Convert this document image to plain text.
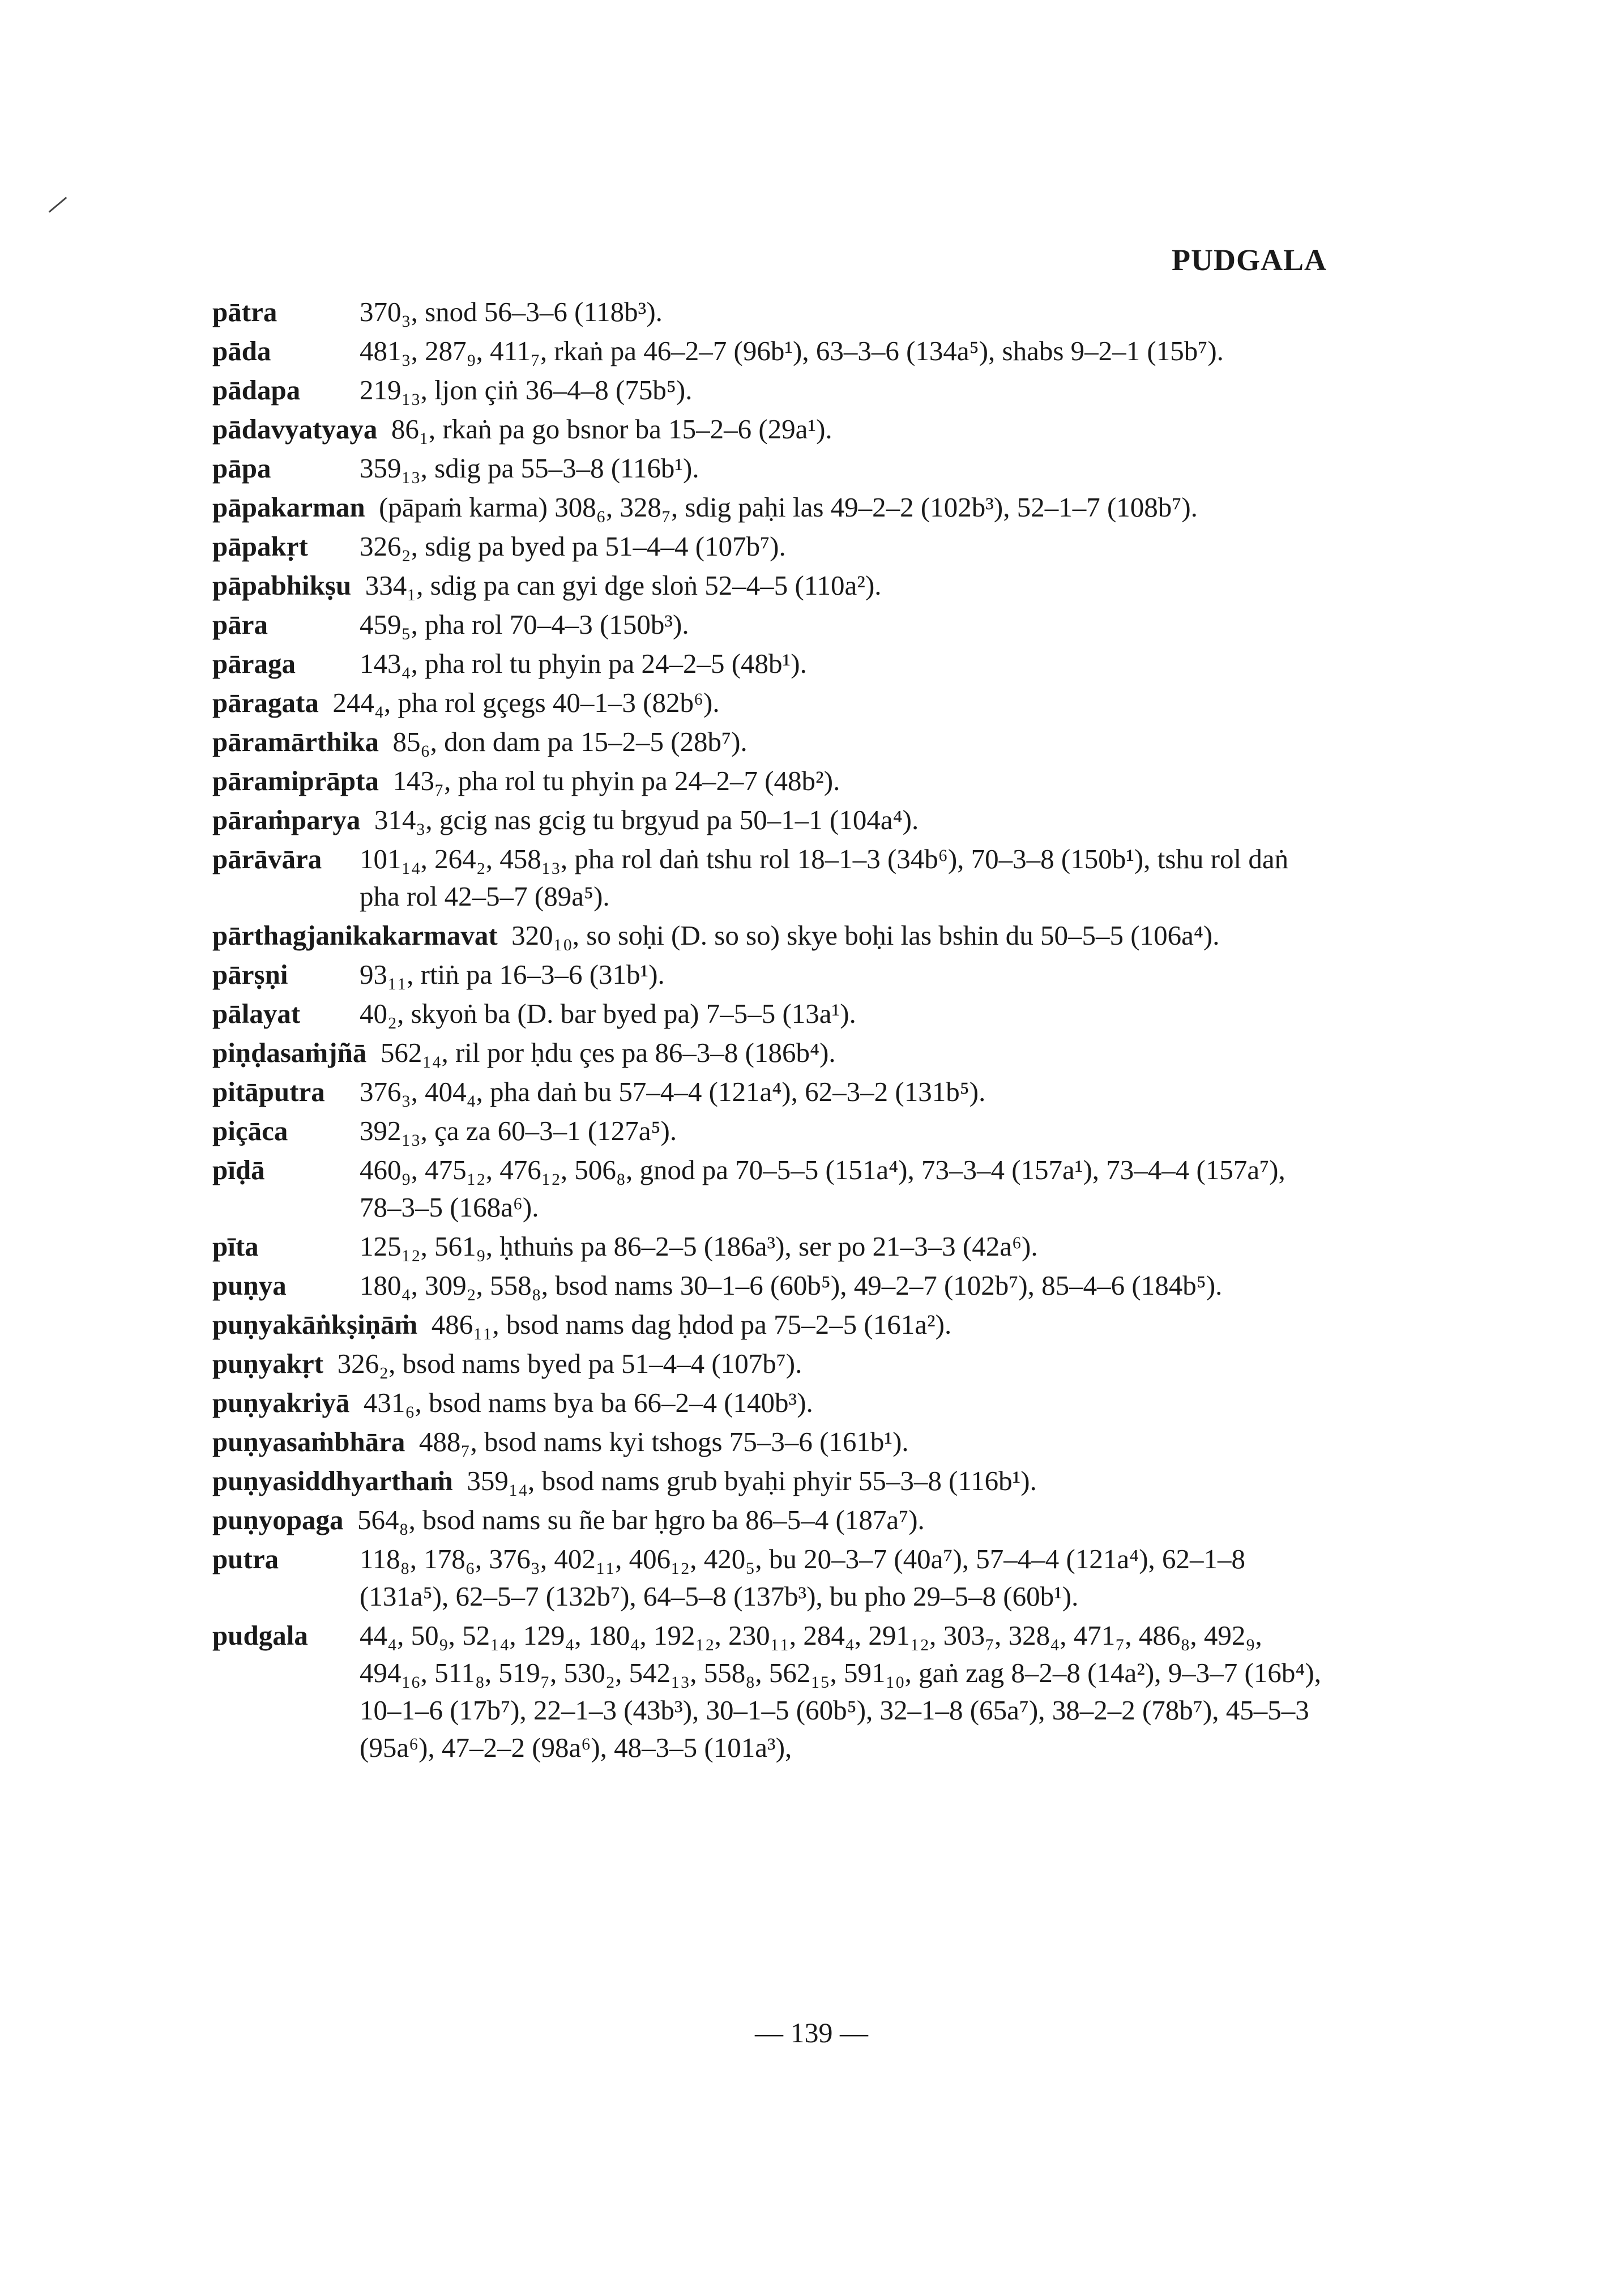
PUDGALA
pātra	370₃, snod 56–3–6 (118b³).
pāda	481₃, 287₉, 411₇, rkaṅ pa 46–2–7 (96b¹), 63–3–6 (134a⁵), shabs 9–2–1 (15b⁷).
pādapa 219₁₃, ljon çiṅ 36–4–8 (75b⁵).
pādavyatyaya  86₁, rkaṅ pa go bsnor ba 15–2–6 (29a¹).
pāpa	359₁₃, sdig pa 55–3–8 (116b¹).
pāpakarman  (pāpaṁ karma) 308₆, 328₇, sdig paḥi las 49–2–2 (102b³), 52–1–7 (108b⁷).
pāpakṛt 326₂, sdig pa byed pa 51–4–4 (107b⁷).
pāpabhikṣu  334₁, sdig pa can gyi dge sloṅ 52–4–5 (110a²).
pāra	459₅, pha rol 70–4–3 (150b³).
pāraga 143₄, pha rol tu phyin pa 24–2–5 (48b¹).
pāragata  244₄, pha rol gçegs 40–1–3 (82b⁶).
pāramārthika  85₆, don dam pa 15–2–5 (28b⁷).
pāramiprāpta  143₇, pha rol tu phyin pa 24–2–7 (48b²).
pāraṁparya  314₃, gcig nas gcig tu brgyud pa 50–1–1 (104a⁴).
pārāvāra 101₁₄, 264₂, 458₁₃, pha rol daṅ tshu rol 18–1–3 (34b⁶), 70–3–8 (150b¹), tshu rol daṅ pha rol 42–5–7 (89a⁵).
pārthagjanikakarmavat  320₁₀, so soḥi (D. so so) skye boḥi las bshin du 50–5–5 (106a⁴).
pārṣṇi	93₁₁, rtiṅ pa 16–3–6 (31b¹).
pālayat 40₂, skyoṅ ba (D. bar byed pa) 7–5–5 (13a¹).
piṇḍasaṁjñā  562₁₄, ril por ḥdu çes pa 86–3–8 (186b⁴).
pitāputra 376₃, 404₄, pha daṅ bu 57–4–4 (121a⁴), 62–3–2 (131b⁵).
piçāca	392₁₃, ça za 60–3–1 (127a⁵).
pīḍā	460₉, 475₁₂, 476₁₂, 506₈, gnod pa 70–5–5 (151a⁴), 73–3–4 (157a¹), 73–4–4 (157a⁷), 78–3–5 (168a⁶).
pīta	125₁₂, 561₉, ḥthuṅs pa 86–2–5 (186a³), ser po 21–3–3 (42a⁶).
puṇya	180₄, 309₂, 558₈, bsod nams 30–1–6 (60b⁵), 49–2–7 (102b⁷), 85–4–6 (184b⁵).
puṇyakāṅkṣiṇāṁ  486₁₁, bsod nams dag ḥdod pa 75–2–5 (161a²).
puṇyakṛt  326₂, bsod nams byed pa 51–4–4 (107b⁷).
puṇyakriyā  431₆, bsod nams bya ba 66–2–4 (140b³).
puṇyasaṁbhāra  488₇, bsod nams kyi tshogs 75–3–6 (161b¹).
puṇyasiddhyarthaṁ  359₁₄, bsod nams grub byaḥi phyir 55–3–8 (116b¹).
puṇyopaga  564₈, bsod nams su ñe bar ḥgro ba 86–5–4 (187a⁷).
putra	118₈, 178₆, 376₃, 402₁₁, 406₁₂, 420₅, bu 20–3–7 (40a⁷), 57–4–4 (121a⁴), 62–1–8 (131a⁵), 62–5–7 (132b⁷), 64–5–8 (137b³), bu pho 29–5–8 (60b¹).
pudgala 44₄, 50₉, 52₁₄, 129₄, 180₄, 192₁₂, 230₁₁, 284₄, 291₁₂, 303₇, 328₄, 471₇, 486₈, 492₉, 494₁₆, 511₈, 519₇, 530₂, 542₁₃, 558₈, 562₁₅, 591₁₀, gaṅ zag 8–2–8 (14a²), 9–3–7 (16b⁴), 10–1–6 (17b⁷), 22–1–3 (43b³), 30–1–5 (60b⁵), 32–1–8 (65a⁷), 38–2–2 (78b⁷), 45–5–3 (95a⁶), 47–2–2 (98a⁶), 48–3–5 (101a³),
— 139 —
